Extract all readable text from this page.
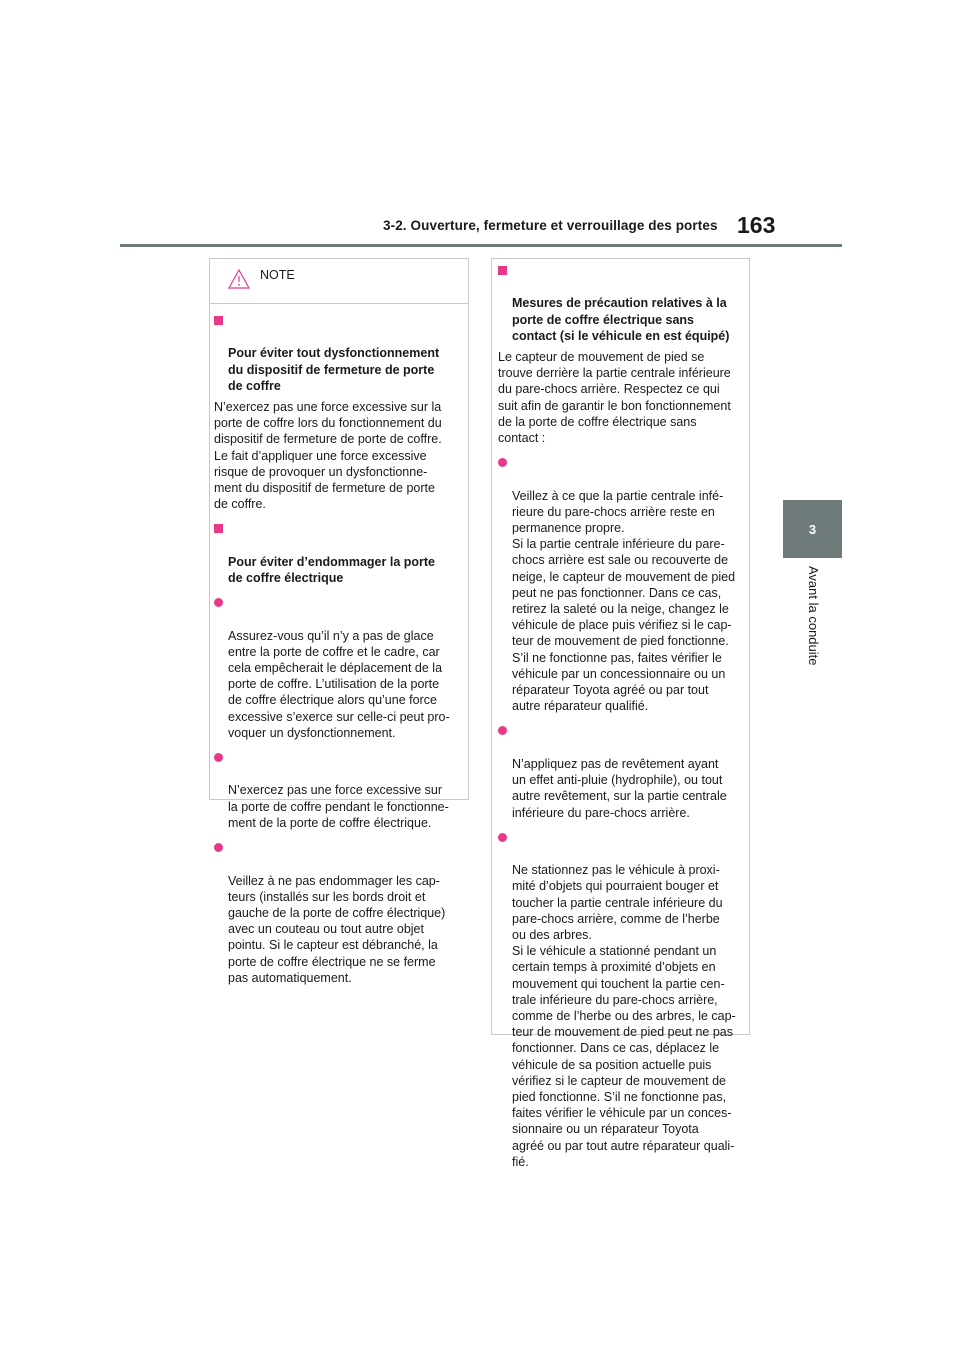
3-2. Ouverture, fermeture et verrouillage des portes 163
3
Avant la conduite
NOTE

Pour éviter tout dysfonctionnement
du dispositif de fermeture de porte
de coffre

N’exercez pas une force excessive sur la
porte de coffre lors du fonctionnement du
dispositif de fermeture de porte de coffre.
Le fait d’appliquer une force excessive
risque de provoquer un dysfonctionne-
ment du dispositif de fermeture de porte
de coffre.

Pour éviter d’endommager la porte
de coffre électrique

Assurez-vous qu’il n’y a pas de glace
entre la porte de coffre et le cadre, car
cela empêcherait le déplacement de la
porte de coffre. L’utilisation de la porte
de coffre électrique alors qu’une force
excessive s’exerce sur celle-ci peut pro-
voquer un dysfonctionnement.

N’exercez pas une force excessive sur
la porte de coffre pendant le fonctionne-
ment de la porte de coffre électrique.

Veillez à ne pas endommager les cap-
teurs (installés sur les bords droit et
gauche de la porte de coffre électrique)
avec un couteau ou tout autre objet
pointu. Si le capteur est débranché, la
porte de coffre électrique ne se ferme
pas automatiquement.

Mesures de précaution relatives à la
porte de coffre électrique sans
contact (si le véhicule en est équipé)

Le capteur de mouvement de pied se
trouve derrière la partie centrale inférieure
du pare-chocs arrière. Respectez ce qui
suit afin de garantir le bon fonctionnement
de la porte de coffre électrique sans
contact :

Veillez à ce que la partie centrale infé-
rieure du pare-chocs arrière reste en
permanence propre.
Si la partie centrale inférieure du pare-
chocs arrière est sale ou recouverte de
neige, le capteur de mouvement de pied
peut ne pas fonctionner. Dans ce cas,
retirez la saleté ou la neige, changez le
véhicule de place puis vérifiez si le cap-
teur de mouvement de pied fonctionne.
S’il ne fonctionne pas, faites vérifier le
véhicule par un concessionnaire ou un
réparateur Toyota agréé ou par tout
autre réparateur qualifié.

N’appliquez pas de revêtement ayant
un effet anti-pluie (hydrophile), ou tout
autre revêtement, sur la partie centrale
inférieure du pare-chocs arrière.

Ne stationnez pas le véhicule à proxi-
mité d’objets qui pourraient bouger et
toucher la partie centrale inférieure du
pare-chocs arrière, comme de l’herbe
ou des arbres.
Si le véhicule a stationné pendant un
certain temps à proximité d’objets en
mouvement qui touchent la partie cen-
trale inférieure du pare-chocs arrière,
comme de l’herbe ou des arbres, le cap-
teur de mouvement de pied peut ne pas
fonctionner. Dans ce cas, déplacez le
véhicule de sa position actuelle puis
vérifiez si le capteur de mouvement de
pied fonctionne. S’il ne fonctionne pas,
faites vérifier le véhicule par un conces-
sionnaire ou un réparateur Toyota
agréé ou par tout autre réparateur quali-
fié.
